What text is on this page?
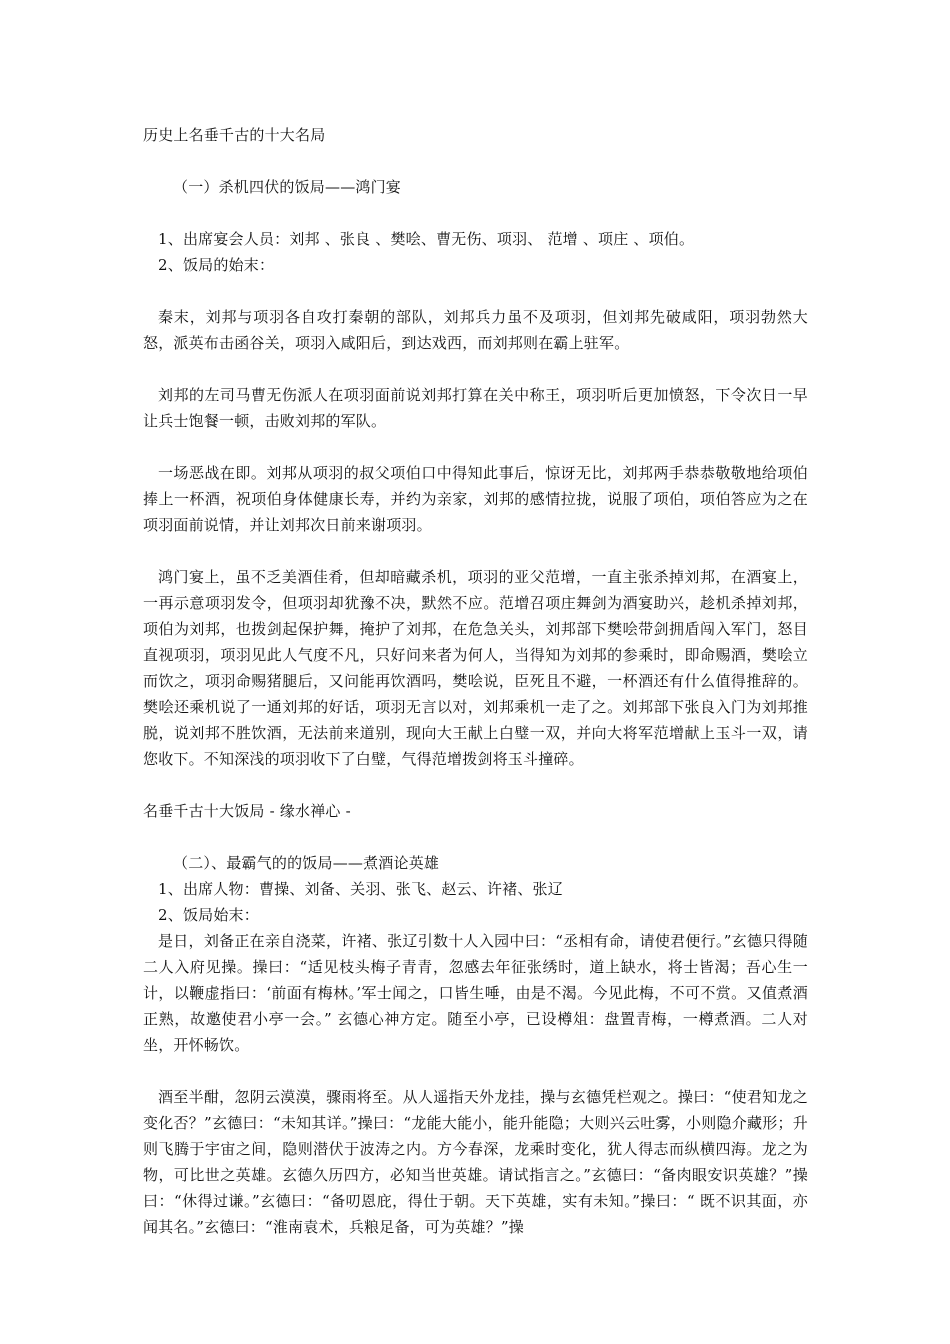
历史上名垂千古的十大名局

（一）杀机四伏的饭局——鸿门宴

1、出席宴会人员：刘邦 、张良 、樊哙、曹无伤、项羽、 范增 、项庄 、项伯。

2、饭局的始末：

秦末，刘邦与项羽各自攻打秦朝的部队，刘邦兵力虽不及项羽，但刘邦先破咸阳，项羽勃然大怒，派英布击函谷关，项羽入咸阳后，到达戏西，而刘邦则在霸上驻军。

刘邦的左司马曹无伤派人在项羽面前说刘邦打算在关中称王，项羽听后更加愤怒，下令次日一早让兵士饱餐一顿，击败刘邦的军队。

一场恶战在即。刘邦从项羽的叔父项伯口中得知此事后，惊讶无比，刘邦两手恭恭敬敬地给项伯捧上一杯酒，祝项伯身体健康长寿，并约为亲家，刘邦的感情拉拢，说服了项伯，项伯答应为之在项羽面前说情，并让刘邦次日前来谢项羽。

鸿门宴上，虽不乏美酒佳肴，但却暗藏杀机，项羽的亚父范增，一直主张杀掉刘邦，在酒宴上，一再示意项羽发令，但项羽却犹豫不决，默然不应。范增召项庄舞剑为酒宴助兴，趁机杀掉刘邦，项伯为刘邦，也拨剑起保护舞，掩护了刘邦，在危急关头，刘邦部下樊哙带剑拥盾闯入军门，怒目直视项羽，项羽见此人气度不凡，只好问来者为何人，当得知为刘邦的参乘时，即命赐酒，樊哙立而饮之，项羽命赐猪腿后，又问能再饮酒吗，樊哙说，臣死且不避，一杯酒还有什么值得推辞的。樊哙还乘机说了一通刘邦的好话，项羽无言以对，刘邦乘机一走了之。刘邦部下张良入门为刘邦推脱，说刘邦不胜饮酒，无法前来道别，现向大王献上白璧一双，并向大将军范增献上玉斗一双，请您收下。不知深浅的项羽收下了白璧，气得范增拨剑将玉斗撞碎。

名垂千古十大饭局 - 缘水禅心 -

（二）、最霸气的的饭局——煮酒论英雄

1、出席人物：曹操、刘备、关羽、张飞、赵云、许褚、张辽

2、饭局始末：

是日，刘备正在亲自浇菜，许褚、张辽引数十人入园中曰：“丞相有命，请使君便行。”玄德只得随二人入府见操。操曰：“适见枝头梅子青青，忽感去年征张绣时，道上缺水，将士皆渴；吾心生一计，以鞭虚指曰：‘前面有梅林。’军士闻之，口皆生唾，由是不渴。今见此梅，不可不赏。又值煮酒正熟，故邀使君小亭一会。” 玄德心神方定。随至小亭，已设樽俎：盘置青梅，一樽煮酒。二人对坐，开怀畅饮。

酒至半酣，忽阴云漠漠，骤雨将至。从人遥指天外龙挂，操与玄德凭栏观之。操曰：“使君知龙之变化否？”玄德曰：“未知其详。”操曰：“龙能大能小，能升能隐；大则兴云吐雾，小则隐介藏形；升则飞腾于宇宙之间，隐则潜伏于波涛之内。方今春深，龙乘时变化，犹人得志而纵横四海。龙之为物，可比世之英雄。玄德久历四方，必知当世英雄。请试指言之。”玄德曰：“备肉眼安识英雄？”操曰：“休得过谦。”玄德曰：“备叨恩庇，得仕于朝。天下英雄，实有未知。”操曰：“ 既不识其面，亦闻其名。”玄德曰：“淮南袁术，兵粮足备，可为英雄？”操
